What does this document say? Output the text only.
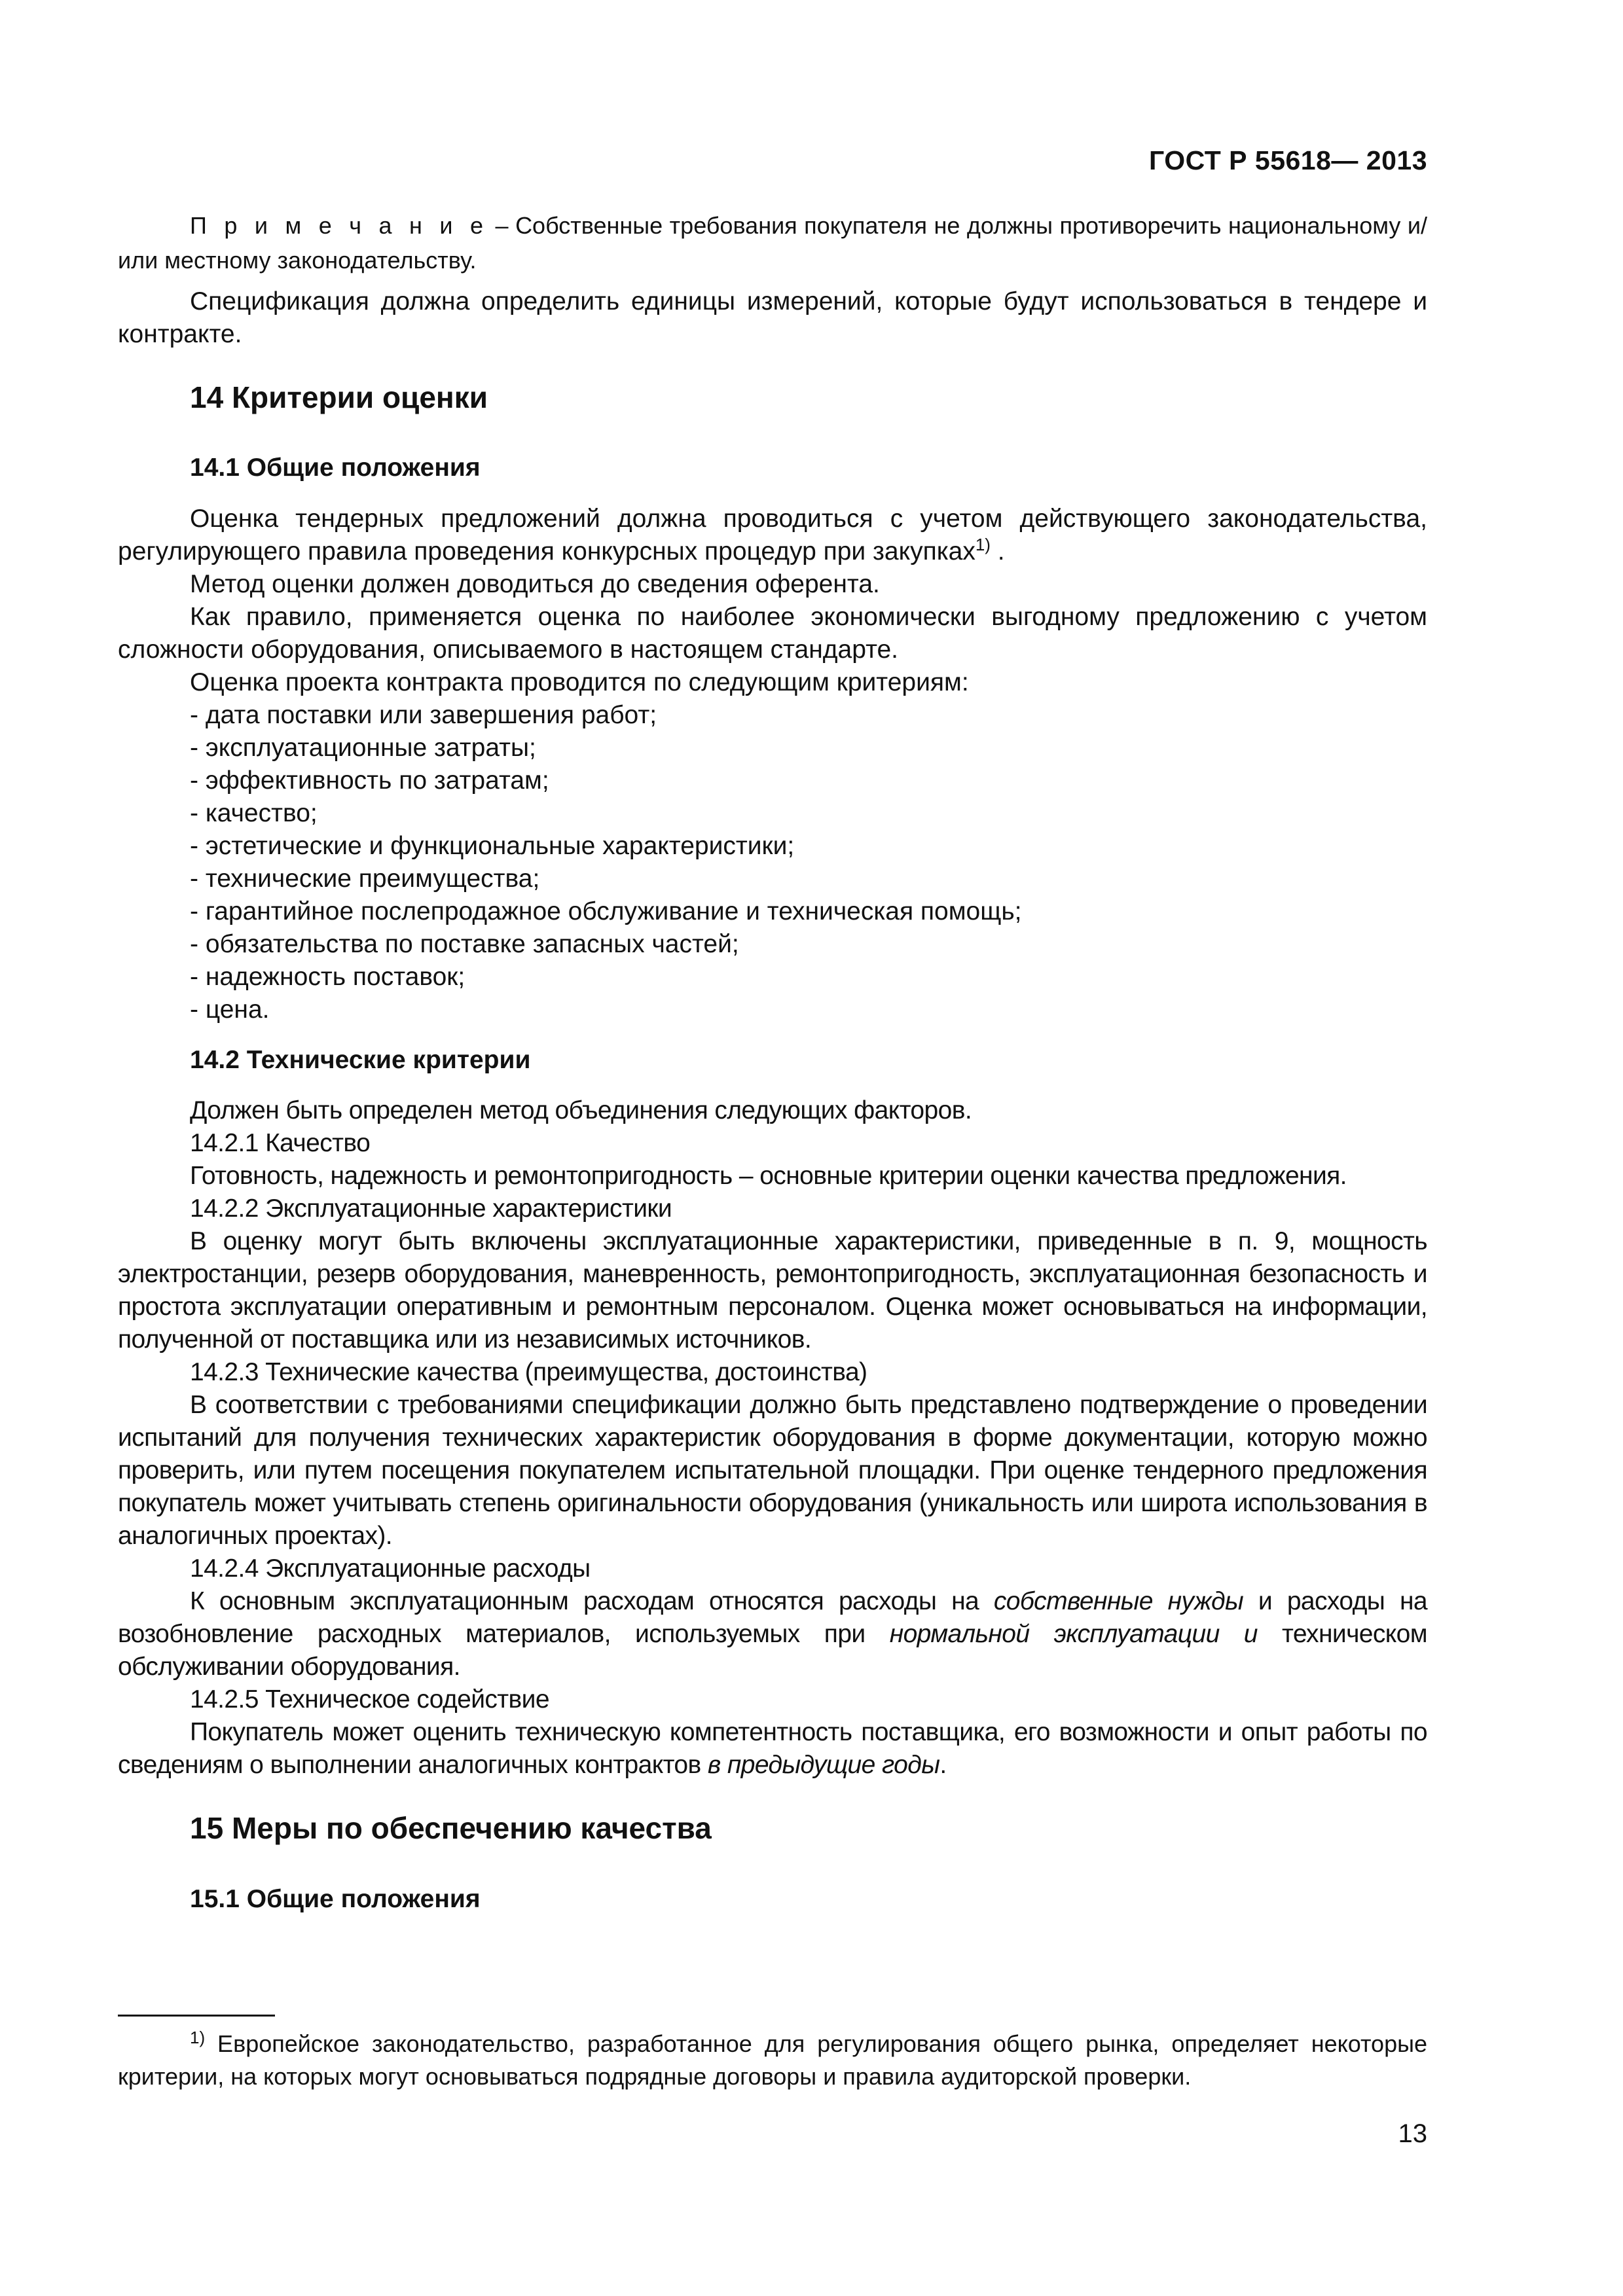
ГОСТ Р 55618— 2013
П р и м е ч а н и е – Собственные требования покупателя не должны противоречить национальному и/или местному законодательству.

Спецификация должна определить единицы измерений, которые будут использоваться в тендере и контракте.

14 Критерии оценки
14.1 Общие положения

Оценка тендерных предложений должна проводиться с учетом действующего законодательства, регулирующего правила проведения конкурсных процедур при закупках$^{1)}$ .

Метод оценки должен доводиться до сведения оферента.

Как правило, применяется оценка по наиболее экономически выгодному предложению с учетом сложности оборудования, описываемого в настоящем стандарте.

Оценка проекта контракта проводится по следующим критериям:

- дата поставки или завершения работ;

- эксплуатационные затраты;

- эффективность по затратам;

- качество;

- эстетические и функциональные характеристики;

- технические преимущества;

- гарантийное послепродажное обслуживание и техническая помощь;

- обязательства по поставке запасных частей;

- надежность поставок;

- цена.

14.2 Технические критерии

Должен быть определен метод объединения следующих факторов.

14.2.1 Качество

Готовность, надежность и ремонтопригодность – основные критерии оценки качества предложения.

14.2.2 Эксплуатационные характеристики

В оценку могут быть включены эксплуатационные характеристики, приведенные в п. 9, мощность электростанции, резерв оборудования, маневренность, ремонтопригодность, эксплуатационная безопасность и простота эксплуатации оперативным и ремонтным персоналом. Оценка может основываться на информации, полученной от поставщика или из независимых источников.

14.2.3 Технические качества (преимущества, достоинства)

В соответствии с требованиями спецификации должно быть представлено подтверждение о проведении испытаний для получения технических характеристик оборудования в форме документации, которую можно проверить, или путем посещения покупателем испытательной площадки. При оценке тендерного предложения покупатель может учитывать степень оригинальности оборудования (уникальность или широта использования в аналогичных проектах).

14.2.4 Эксплуатационные расходы

К основным эксплуатационным расходам относятся расходы на собственные нужды и расходы на возобновление расходных материалов, используемых при нормальной эксплуатации и техническом обслуживании оборудования.

14.2.5 Техническое содействие

Покупатель может оценить техническую компетентность поставщика, его возможности и опыт работы по сведениям о выполнении аналогичных контрактов в предыдущие годы.

15 Меры по обеспечению качества
15.1 Общие положения
$^{1)}$ Европейское законодательство, разработанное для регулирования общего рынка, определяет некоторые критерии, на которых могут основываться подрядные договоры и правила аудиторской проверки.
13
